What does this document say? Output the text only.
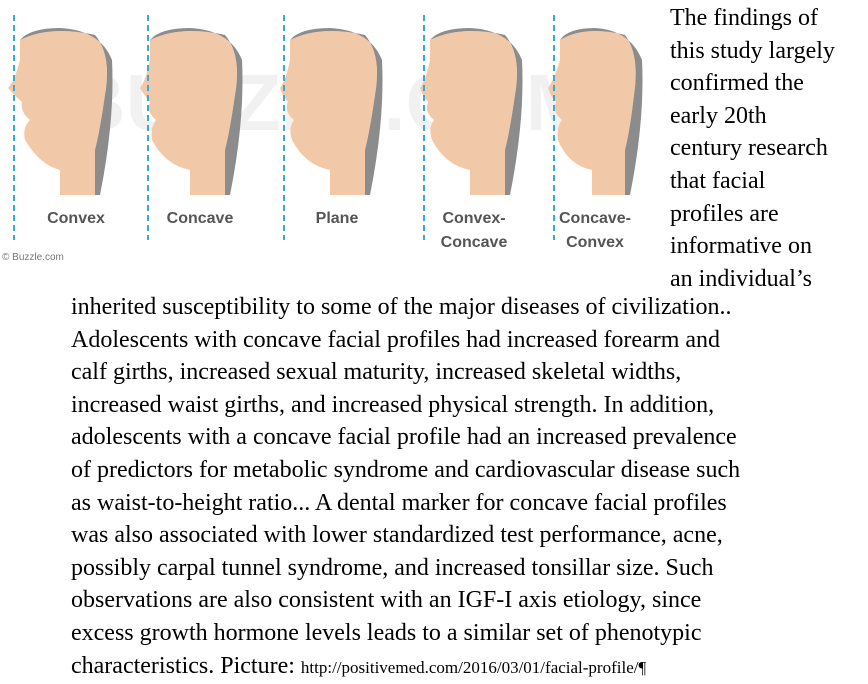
Convex	Concave	Plane	Convex-
Concave
Concave-
Convex
© Buzzle.com

The findings of
this study largely
confirmed the
early 20th
century research
that facial
profiles are
informative on
an individual’s

inherited susceptibility to some of the major diseases of civilization..
Adolescents with concave facial profiles had increased forearm and
calf girths, increased sexual maturity, increased skeletal widths,
increased waist girths, and increased physical strength. In addition,
adolescents with a concave facial profile had an increased prevalence
of predictors for metabolic syndrome and cardiovascular disease such
as waist-to-height ratio... A dental marker for concave facial profiles
was also associated with lower standardized test performance, acne,
possibly carpal tunnel syndrome, and increased tonsillar size. Such
observations are also consistent with an IGF-I axis etiology, since
excess growth hormone levels leads to a similar set of phenotypic
characteristics. Picture: http://positivemed.com/2016/03/01/facial-profile/¶
